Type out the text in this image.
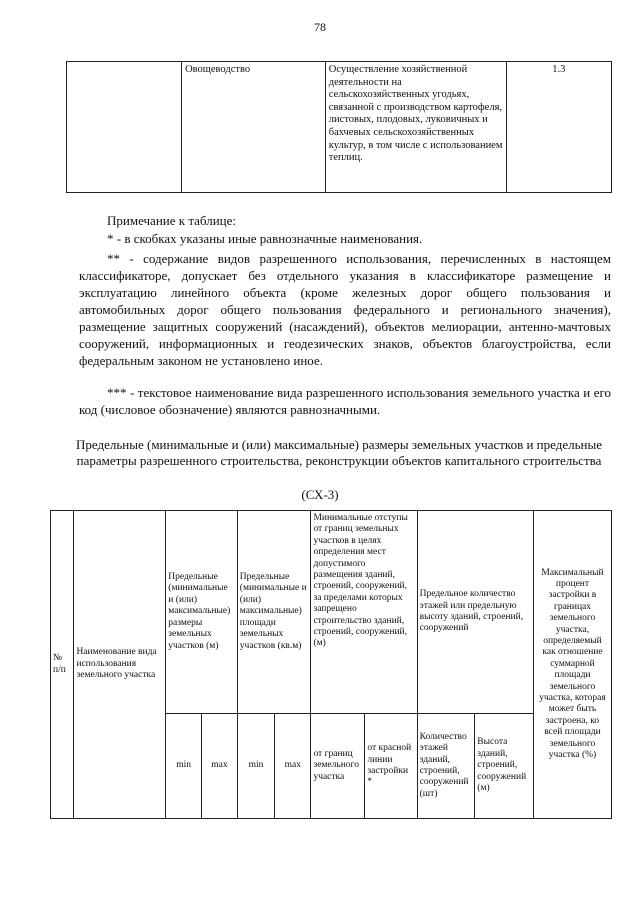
78
	Овощеводство	Осуществление хозяйственной деятельности на сельскохозяйственных угодьях, связанной с производством картофеля, листовых, плодовых, луковичных и бахчевых сельскохозяйственных культур, в том числе с использованием теплиц.	1.3
Примечание к таблице:
* - в скобках указаны иные равнозначные наименования.
** - содержание видов разрешенного использования, перечисленных в настоящем классификаторе, допускает без отдельного указания в классификаторе размещение и эксплуатацию линейного объекта (кроме железных дорог общего пользования и автомобильных дорог общего пользования федерального и регионального значения), размещение защитных сооружений (насаждений), объектов мелиорации, антенно-мачтовых сооружений, информационных и геодезических знаков, объектов благоустройства, если федеральным законом не установлено иное.
*** - текстовое наименование вида разрешенного использования земельного участка и его код (числовое обозначение) являются равнозначными.
Предельные (минимальные и (или) максимальные) размеры земельных участков и предельные параметры разрешенного строительства, реконструкции объектов капитального строительства
(СХ-3)
№ п/п	Наименование вида использования земельного участка	Предельные (минимальные и (или) максимальные) размеры земельных участков (м)		Предельные (минимальные и (или) максимальные) площади земельных участков (кв.м)		Минимальные отступы от границ земельных участков в целях определения мест допустимого размещения зданий, строений, сооружений, за пределами которых запрещено строительство зданий, строений, сооружений, (м)		Предельное количество этажей или предельную высоту зданий, строений, сооружений		Максимальный процент застройки в границах земельного участка, определяемый как отношение суммарной площади земельного участка, которая может быть застроена, ко всей площади земельного участка (%)
		min	max	min	max	от границ земельного участка	от красной линии застройки *	Количество этажей зданий, строений, сооружений (шт)	Высота зданий, строений, сооружений (м)	
